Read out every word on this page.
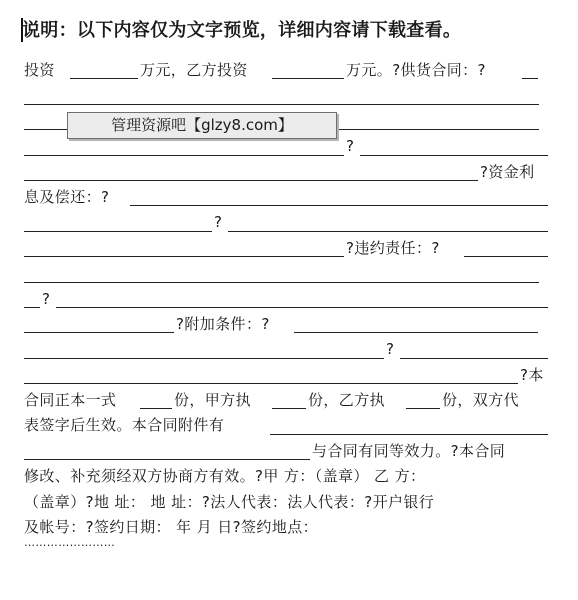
说明：以下内容仅为文字预览，详细内容请下载查看。

投资	万元，乙方投资	万元。?供货合同：?
?
?资金利
息及偿还：?
?
?违约责任：?
?
?附加条件：?
?
?本
合同正本一式	份，甲方执	份，乙方执	份，双方代
表签字后生效。本合同附件有
与合同有同等效力。?本合同
修改、补充须经双方协商方有效。?甲 方：（盖章） 乙 方：
（盖章）?地 址： 地 址：?法人代表：法人代表：?开户银行
及帐号：?签约日期： 年 月 日?签约地点：
管理资源吧【glzy8.com】
……………………
